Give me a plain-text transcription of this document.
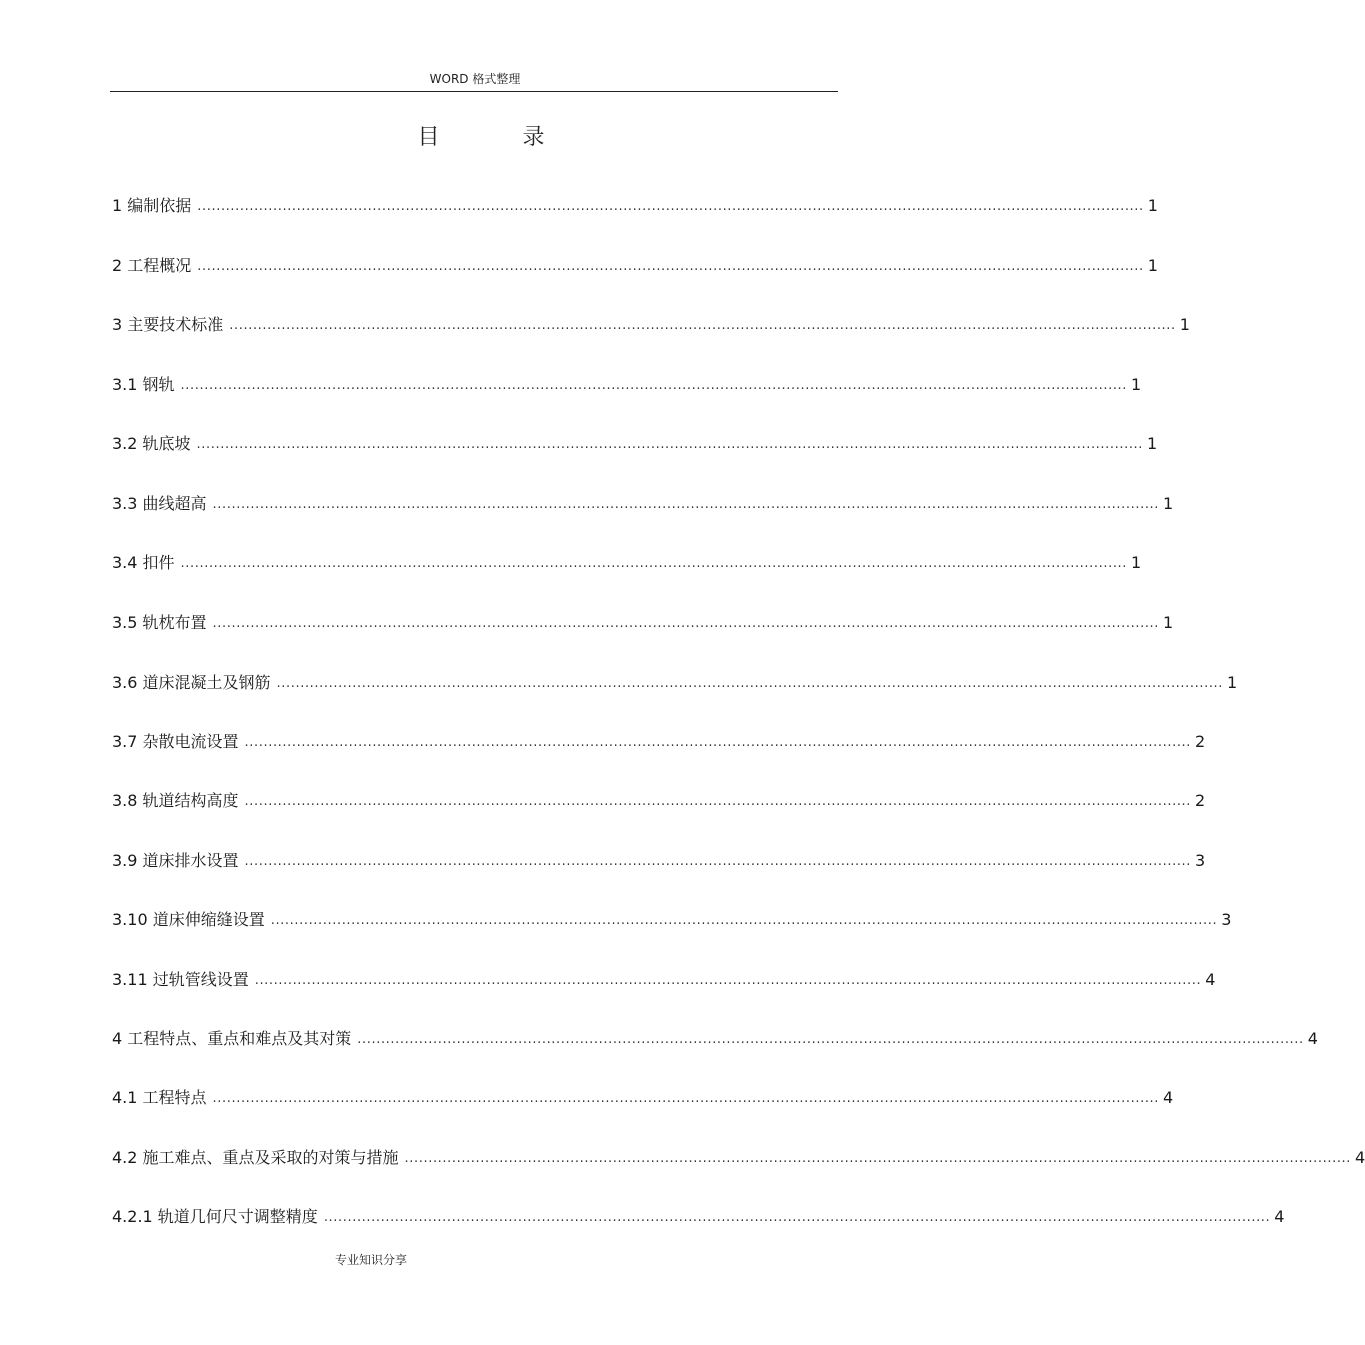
WORD 格式整理
目 录
1 编制依据 ........................................................................................................................................................................................................ 1
2 工程概况 ........................................................................................................................................................................................................ 1
3 主要技术标准 ........................................................................................................................................................................................................ 1
3.1 钢轨 ........................................................................................................................................................................................................ 1
3.2 轨底坡 ........................................................................................................................................................................................................ 1
3.3 曲线超高 ........................................................................................................................................................................................................ 1
3.4 扣件 ........................................................................................................................................................................................................ 1
3.5 轨枕布置 ........................................................................................................................................................................................................ 1
3.6 道床混凝土及钢筋 ........................................................................................................................................................................................................ 1
3.7 杂散电流设置 ........................................................................................................................................................................................................ 2
3.8 轨道结构高度 ........................................................................................................................................................................................................ 2
3.9 道床排水设置 ........................................................................................................................................................................................................ 3
3.10 道床伸缩缝设置 ........................................................................................................................................................................................................ 3
3.11 过轨管线设置 ........................................................................................................................................................................................................ 4
4 工程特点、重点和难点及其对策 ........................................................................................................................................................................................................ 4
4.1 工程特点 ........................................................................................................................................................................................................ 4
4.2 施工难点、重点及采取的对策与措施 ........................................................................................................................................................................................................ 4
4.2.1 轨道几何尺寸调整精度 ........................................................................................................................................................................................................ 4
专业知识分享
